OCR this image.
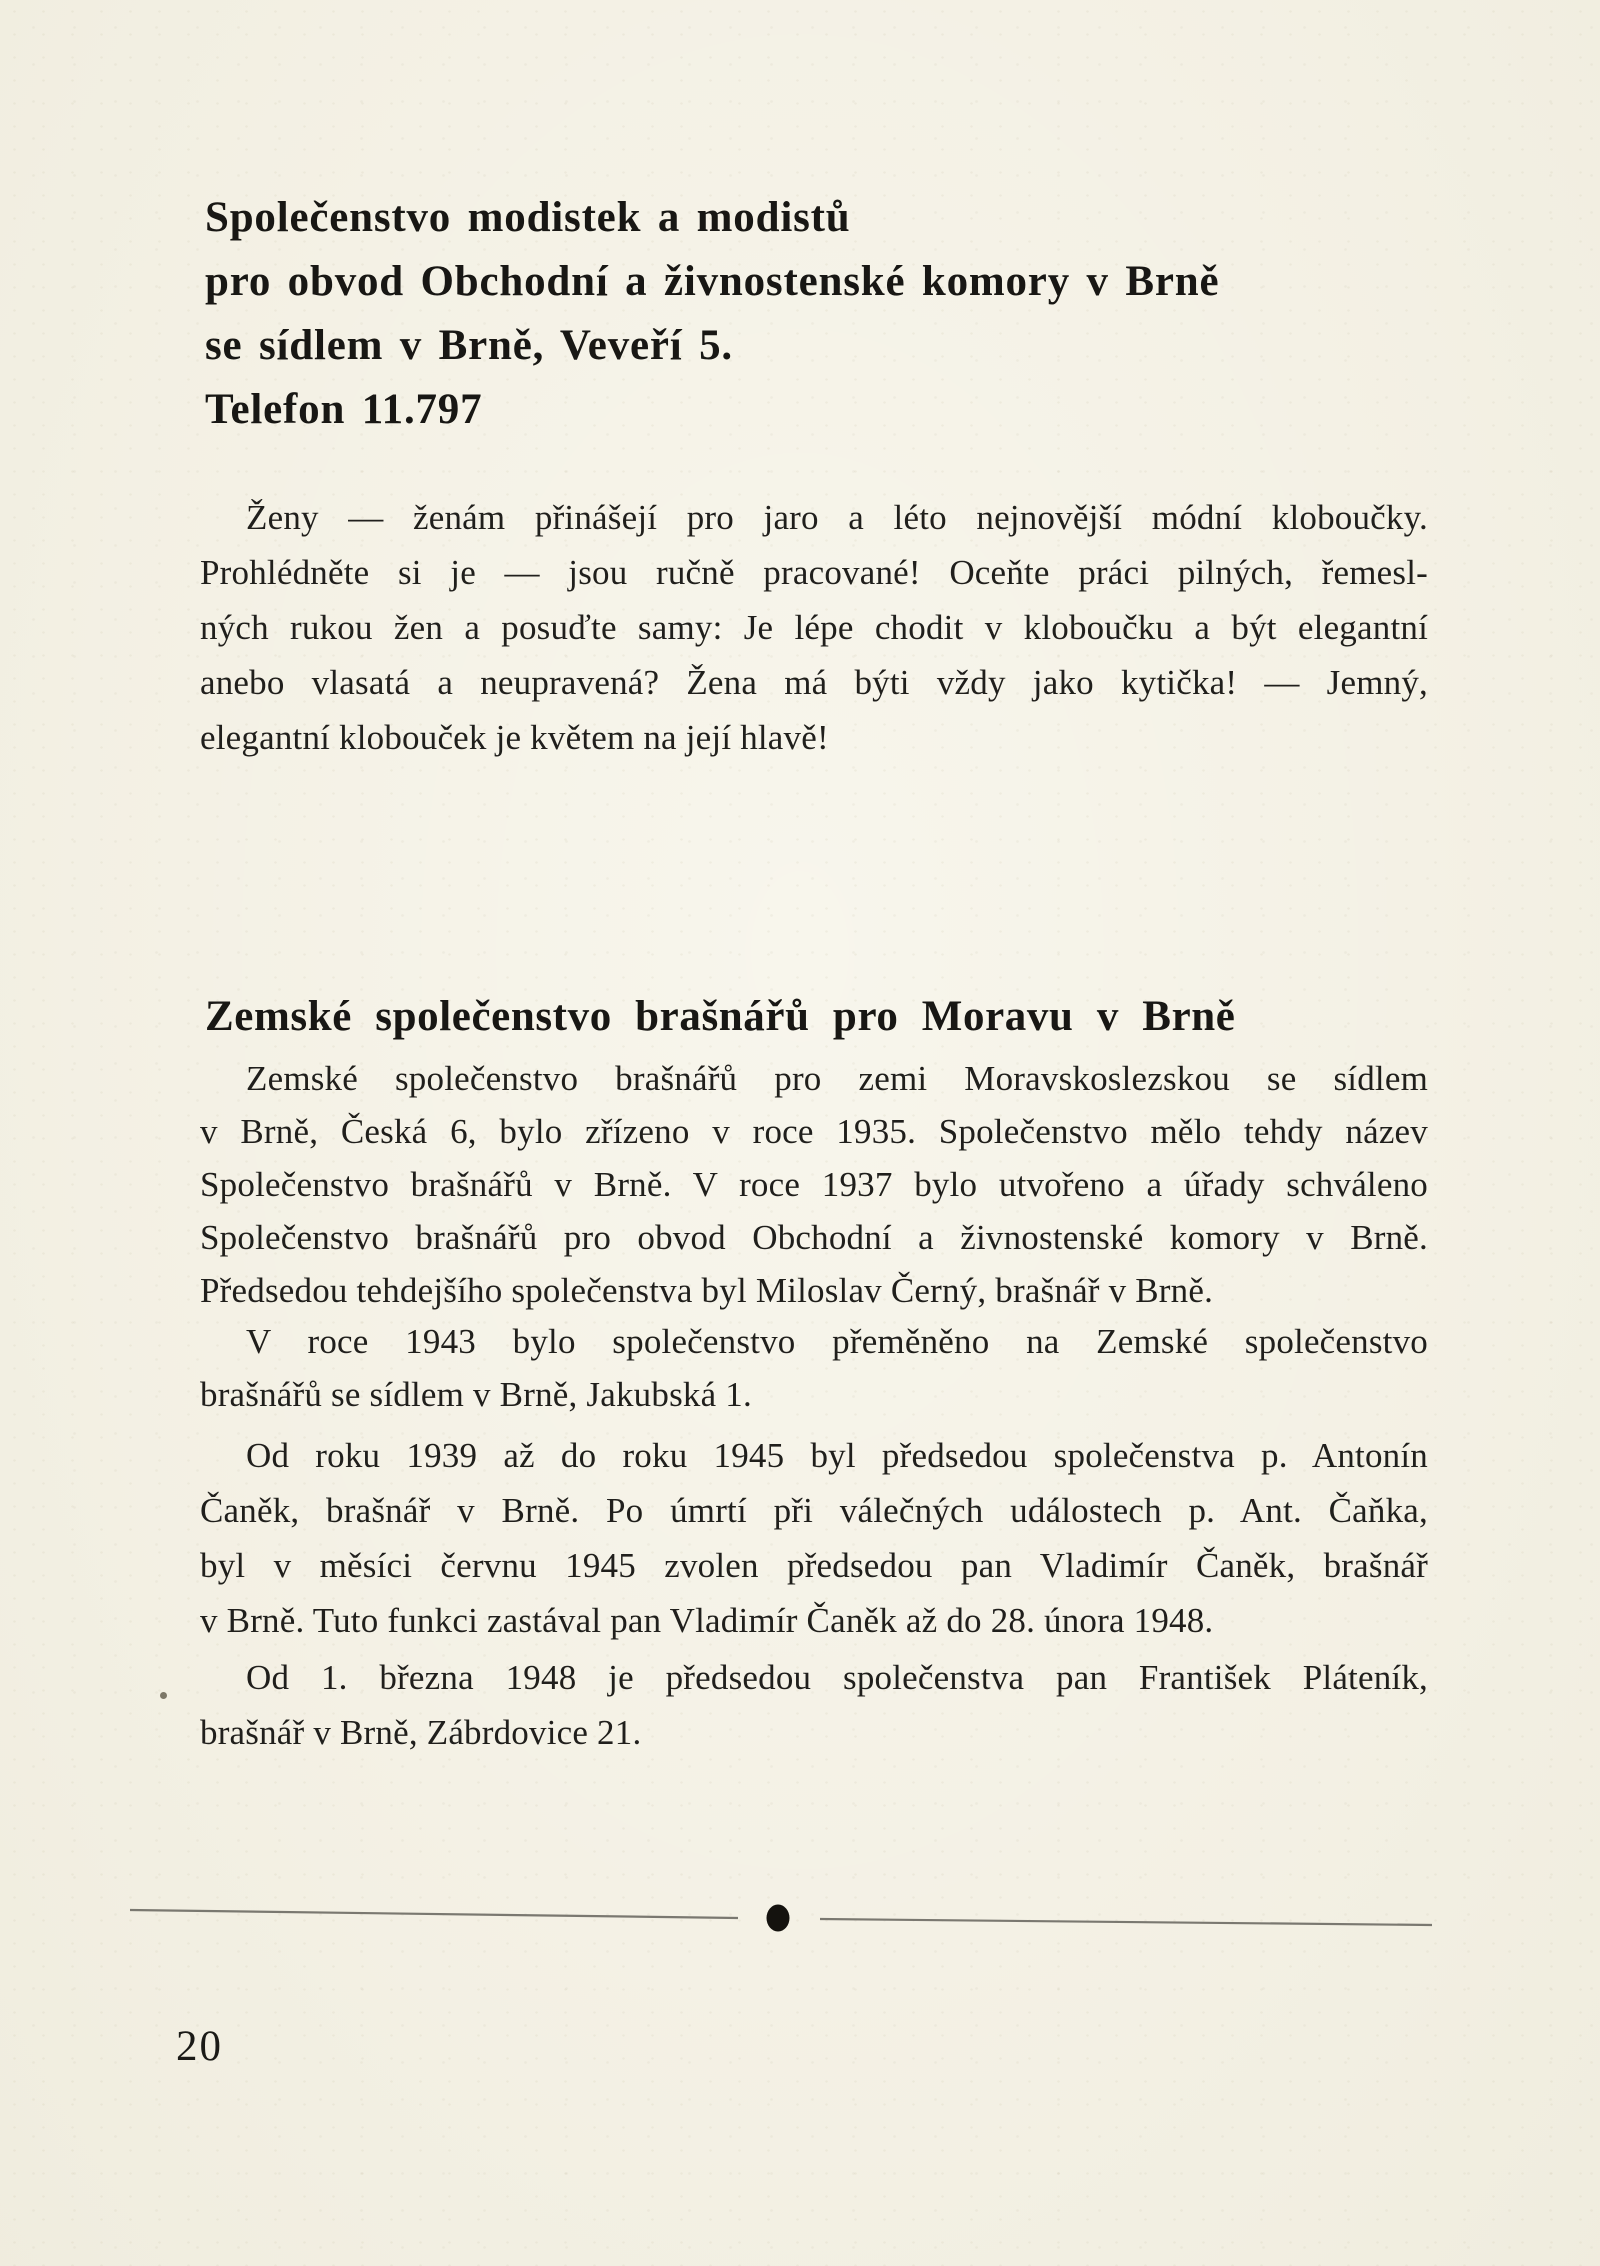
Společenstvo modistek a modistů
pro obvod Obchodní a živnostenské komory v Brně
se sídlem v Brně, Veveří 5.
Telefon 11.797
Ženy — ženám přinášejí pro jaro a léto nejnovější módní kloboučky.
Prohlédněte si je — jsou ručně pracované! Oceňte práci pilných, řemesl-
ných rukou žen a posuďte samy: Je lépe chodit v kloboučku a být elegantní
anebo vlasatá a neupravená? Žena má býti vždy jako kytička! — Jemný,
elegantní klobouček je květem na její hlavě!
Zemské společenstvo brašnářů pro Moravu v Brně
Zemské společenstvo brašnářů pro zemi Moravskoslezskou se sídlem
v Brně, Česká 6, bylo zřízeno v roce 1935. Společenstvo mělo tehdy název
Společenstvo brašnářů v Brně. V roce 1937 bylo utvořeno a úřady schváleno
Společenstvo brašnářů pro obvod Obchodní a živnostenské komory v Brně.
Předsedou tehdejšího společenstva byl Miloslav Černý, brašnář v Brně.
V roce 1943 bylo společenstvo přeměněno na Zemské společenstvo
brašnářů se sídlem v Brně, Jakubská 1.
Od roku 1939 až do roku 1945 byl předsedou společenstva p. Antonín
Čaněk, brašnář v Brně. Po úmrtí při válečných událostech p. Ant. Čaňka,
byl v měsíci červnu 1945 zvolen předsedou pan Vladimír Čaněk, brašnář
v Brně. Tuto funkci zastával pan Vladimír Čaněk až do 28. února 1948.
Od 1. března 1948 je předsedou společenstva pan František Pláteník,
brašnář v Brně, Zábrdovice 21.
20
